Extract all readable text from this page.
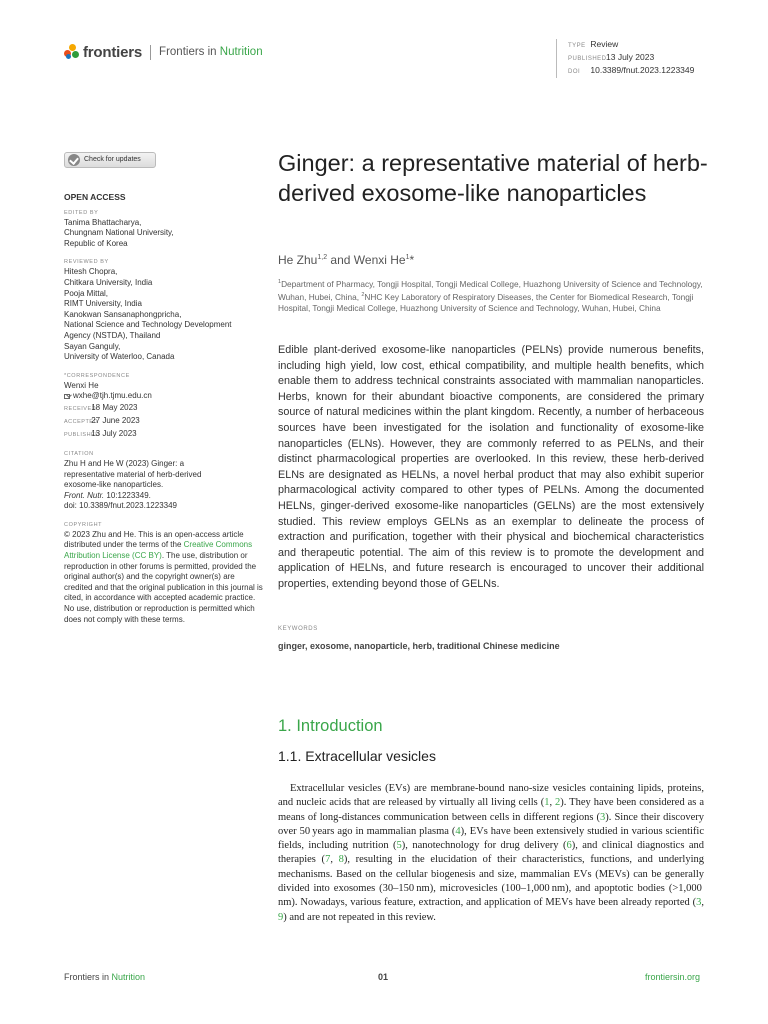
frontiers Frontiers in Nutrition	TYPE Review
PUBLISHED13 July 2023
DOI 10.3389/fnut.2023.1223349
Check for updates
OPEN ACCESS
EDITED BY
Tanima Bhattacharya,
Chungnam National University,
Republic of Korea
REVIEWED BY
Hitesh Chopra,
Chitkara University, India
Pooja Mittal,
RIMT University, India
Kanokwan Sansanaphongpricha,
National Science and Technology Development
Agency (NSTDA), Thailand
Sayan Ganguly,
University of Waterloo, Canada
*CORRESPONDENCE
Wenxi He
wxhe@tjh.tjmu.edu.cn
RECEIVED 18 May 2023
ACCEPTED 27 June 2023
PUBLISHED 13 July 2023
CITATION
Zhu H and He W (2023) Ginger: a
representative material of herb-derived
exosome-like nanoparticles.
Front. Nutr. 10:1223349.
doi: 10.3389/fnut.2023.1223349
COPYRIGHT
© 2023 Zhu and He. This is an open-access article distributed under the terms of the Creative Commons Attribution License (CC BY). The use, distribution or reproduction in other forums is permitted, provided the original author(s) and the copyright owner(s) are credited and that the original publication in this journal is cited, in accordance with accepted academic practice. No use, distribution or reproduction is permitted which does not comply with these terms.
Ginger: a representative material of herb-derived exosome-like nanoparticles
He Zhu$^{1,2}$ and Wenxi He$^1$*
$^1$Department of Pharmacy, Tongji Hospital, Tongji Medical College, Huazhong University of Science and Technology, Wuhan, Hubei, China, $^2$NHC Key Laboratory of Respiratory Diseases, the Center for Biomedical Research, Tongji Hospital, Tongji Medical College, Huazhong University of Science and Technology, Wuhan, Hubei, China
Edible plant-derived exosome-like nanoparticles (PELNs) provide numerous benefits, including high yield, low cost, ethical compatibility, and multiple health benefits, which enable them to address technical constraints associated with mammalian nanoparticles. Herbs, known for their abundant bioactive components, are considered the primary source of natural medicines within the plant kingdom. Recently, a number of herbaceous sources have been investigated for the isolation and functionality of exosome-like nanoparticles (ELNs). However, they are commonly referred to as PELNs, and their distinct pharmacological properties are overlooked. In this review, these herb-derived ELNs are designated as HELNs, a novel herbal product that may also exhibit superior pharmacological activity compared to other types of PELNs. Among the documented HELNs, ginger-derived exosome-like nanoparticles (GELNs) are the most extensively studied. This review employs GELNs as an exemplar to delineate the process of extraction and purification, together with their physical and biochemical characteristics and therapeutic potential. The aim of this review is to promote the development and application of HELNs, and future research is encouraged to uncover their additional properties, extending beyond those of GELNs.
KEYWORDS
ginger, exosome, nanoparticle, herb, traditional Chinese medicine
1. Introduction
1.1. Extracellular vesicles

Extracellular vesicles (EVs) are membrane-bound nano-size vesicles containing lipids, proteins, and nucleic acids that are released by virtually all living cells (1, 2). They have been considered as a means of long-distances communication between cells in different regions (3). Since their discovery over 50 years ago in mammalian plasma (4), EVs have been extensively studied in various scientific fields, including nutrition (5), nanotechnology for drug delivery (6), and clinical diagnostics and therapies (7, 8), resulting in the elucidation of their characteristics, functions, and underlying mechanisms. Based on the cellular biogenesis and size, mammalian EVs (MEVs) can be generally divided into exosomes (30–150 nm), microvesicles (100–1,000 nm), and apoptotic bodies (>1,000 nm). Nowadays, various feature, extraction, and application of MEVs have been already reported (3, 9) and are not repeated in this review.

Frontiers in Nutrition	01	frontiersin.org
